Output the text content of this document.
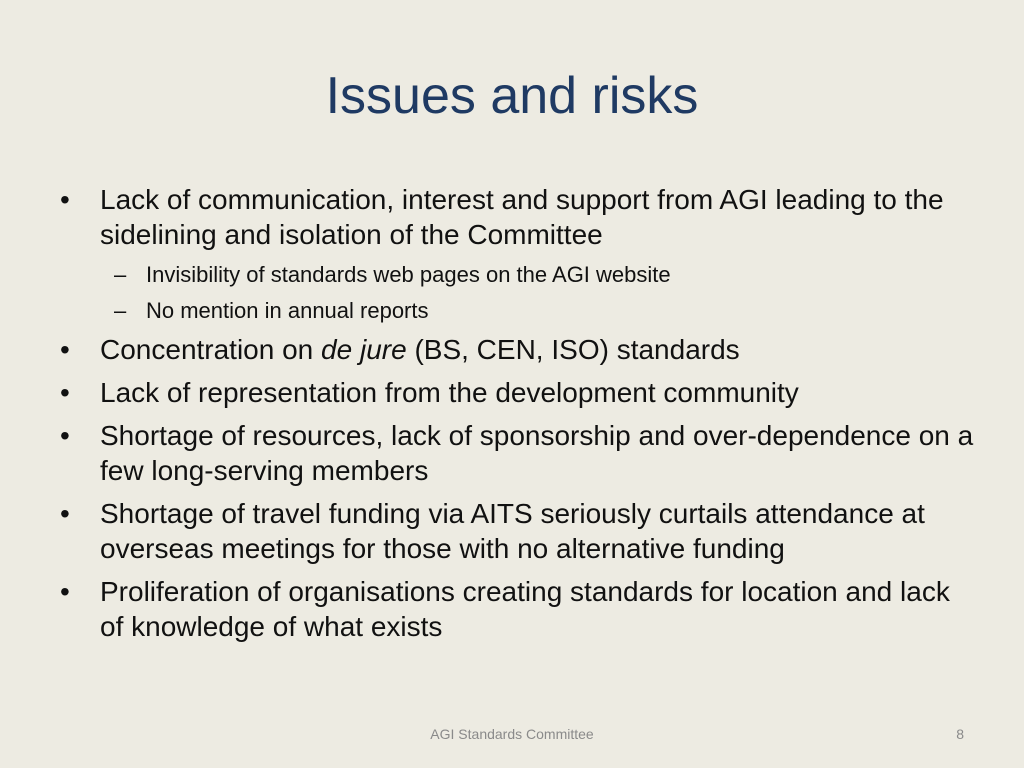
Issues and risks
•	Lack of communication, interest and support from AGI leading to the sidelining and isolation of the Committee
– Invisibility of standards web pages on the AGI website
– No mention in annual reports
•	Concentration on de jure (BS, CEN, ISO) standards
•	Lack of representation from the development community
•	Shortage of resources, lack of sponsorship and over-dependence on a few long-serving members
•	Shortage of travel funding via AITS seriously curtails attendance at overseas meetings for those with no alternative funding
•	Proliferation of organisations creating standards for location and lack of knowledge of what exists
AGI Standards Committee	8
